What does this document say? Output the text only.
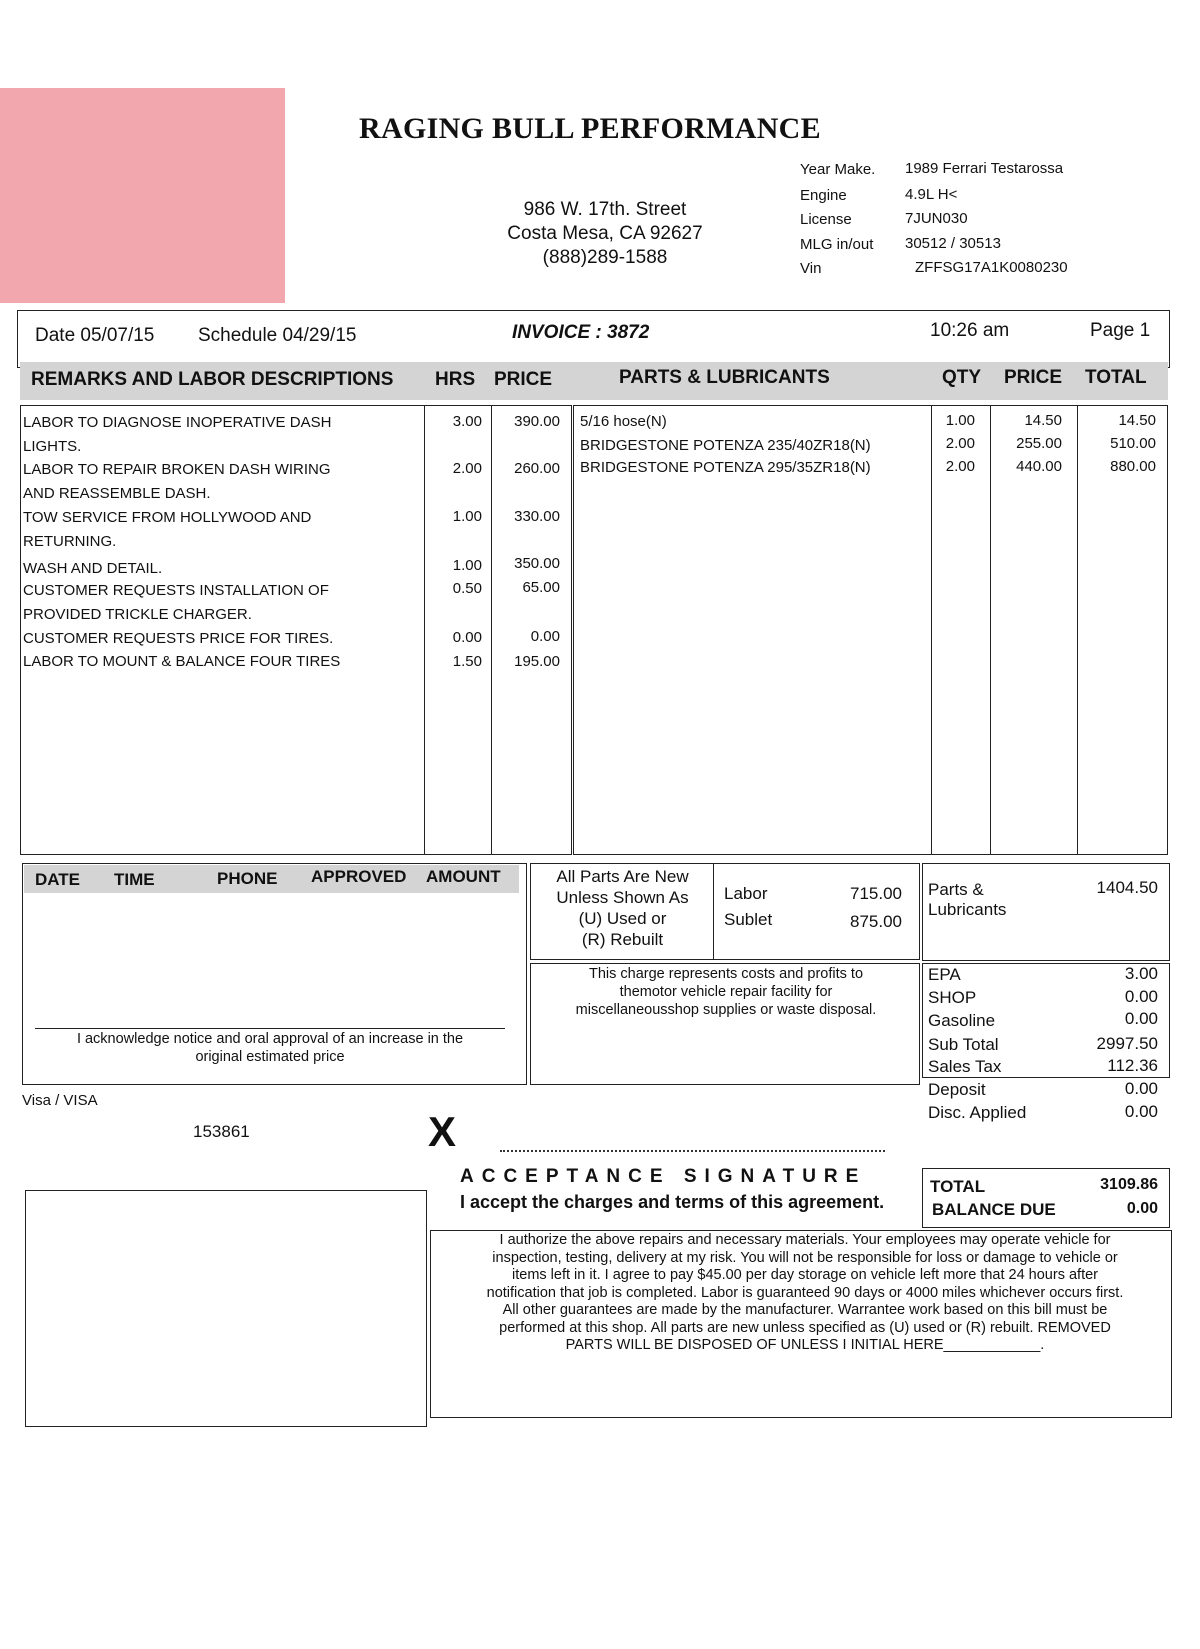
RAGING BULL PERFORMANCE
986 W. 17th. Street
Costa Mesa, CA 92627
(888)289-1588
Year Make. 1989 Ferrari Testarossa
Engine	4.9L H<
License	7JUN030
MLG in/out 30512 / 30513
Vin	ZFFSG17A1K0080230
Date 05/07/15 Schedule 04/29/15	INVOICE : 3872	10:26 am	Page 1
REMARKS AND LABOR DESCRIPTIONS HRS PRICE	PARTS & LUBRICANTS	QTY PRICE TOTAL
LABOR TO DIAGNOSE INOPERATIVE DASH	3.00	390.00
LIGHTS.
LABOR TO REPAIR BROKEN DASH WIRING	2.00	260.00
AND REASSEMBLE DASH.
TOW SERVICE FROM HOLLYWOOD AND	1.00	330.00
RETURNING.
WASH AND DETAIL.	1.00	350.00
CUSTOMER REQUESTS INSTALLATION OF	0.50	65.00
PROVIDED TRICKLE CHARGER.
CUSTOMER REQUESTS PRICE FOR TIRES.	0.00	0.00
LABOR TO MOUNT & BALANCE FOUR TIRES	1.50	195.00
5/16 hose(N)	1.00	14.50	14.50
BRIDGESTONE POTENZA 235/40ZR18(N)	2.00	255.00	510.00
BRIDGESTONE POTENZA 295/35ZR18(N)	2.00	440.00	880.00
DATE TIME	PHONE APPROVED AMOUNT
I acknowledge notice and oral approval of an increase in the
original estimated price
All Parts Are New
Unless Shown As
(U) Used or
(R) Rebuilt
Labor	715.00
Sublet	875.00
This charge represents costs and profits to
themotor vehicle repair facility for
miscellaneousshop supplies or waste disposal.
Parts &
Lubricants
1404.50
EPA	3.00
SHOP	0.00
Gasoline	0.00
Sub Total	2997.50
Sales Tax	112.36
Deposit	0.00
Disc. Applied	0.00
TOTAL	3109.86
BALANCE DUE	0.00
Visa / VISA
153861	X
ACCEPTANCE SIGNATURE
I accept the charges and terms of this agreement.
I authorize the above repairs and necessary materials. Your employees may operate vehicle for
inspection, testing, delivery at my risk. You will not be responsible for loss or damage to vehicle or
items left in it. I agree to pay $45.00 per day storage on vehicle left more that 24 hours after
notification that job is completed. Labor is guaranteed 90 days or 4000 miles whichever occurs first.
All other guarantees are made by the manufacturer. Warrantee work based on this bill must be
performed at this shop. All parts are new unless specified as (U) used or (R) rebuilt. REMOVED
PARTS WILL BE DISPOSED OF UNLESS I INITIAL HERE____________.
